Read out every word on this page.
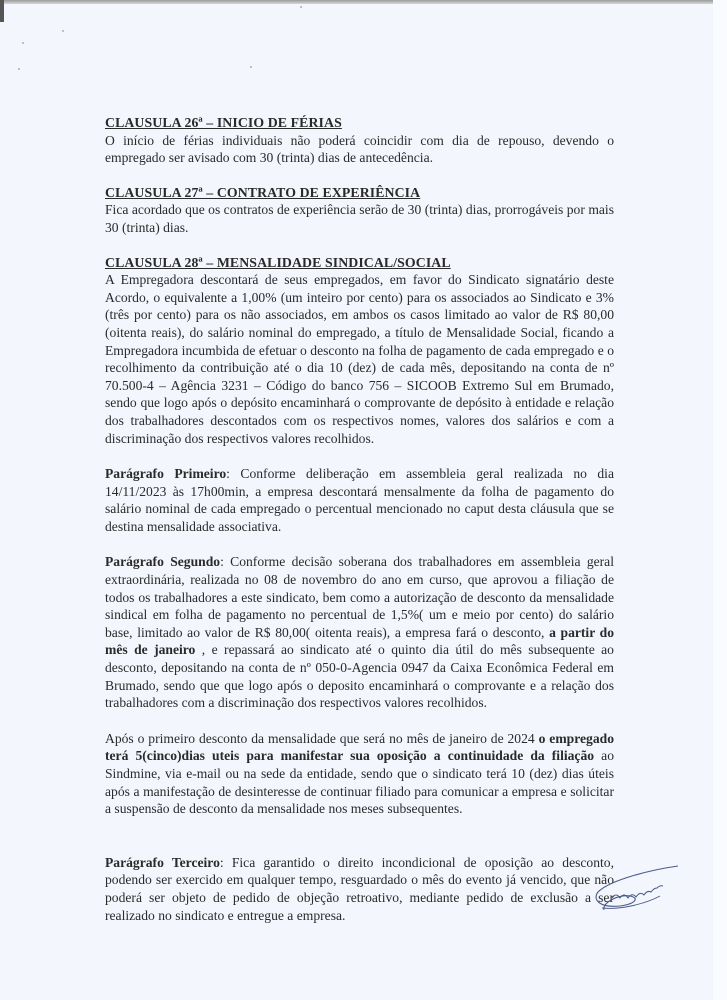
CLAUSULA 26ª – INICIO DE FÉRIAS

O início de férias individuais não poderá coincidir com dia de repouso, devendo o empregado ser avisado com 30 (trinta) dias de antecedência.

CLAUSULA 27ª – CONTRATO DE EXPERIÊNCIA

Fica acordado que os contratos de experiência serão de 30 (trinta) dias, prorrogáveis por mais 30 (trinta) dias.

CLAUSULA 28ª – MENSALIDADE SINDICAL/SOCIAL

A Empregadora descontará de seus empregados, em favor do Sindicato signatário deste Acordo, o equivalente a 1,00% (um inteiro por cento) para os associados ao Sindicato e 3% (três por cento) para os não associados, em ambos os casos limitado ao valor de R$ 80,00 (oitenta reais), do salário nominal do empregado, a título de Mensalidade Social, ficando a Empregadora incumbida de efetuar o desconto na folha de pagamento de cada empregado e o recolhimento da contribuição até o dia 10 (dez) de cada mês, depositando na conta de nº 70.500-4 – Agência 3231 – Código do banco 756 – SICOOB Extremo Sul em Brumado, sendo que logo após o depósito encaminhará o comprovante de depósito à entidade e relação dos trabalhadores descontados com os respectivos nomes, valores dos salários e com a discriminação dos respectivos valores recolhidos.

Parágrafo Primeiro: Conforme deliberação em assembleia geral realizada no dia 14/11/2023 às 17h00min, a empresa descontará mensalmente da folha de pagamento do salário nominal de cada empregado o percentual mencionado no caput desta cláusula que se destina mensalidade associativa.

Parágrafo Segundo: Conforme decisão soberana dos trabalhadores em assembleia geral extraordinária, realizada no 08 de novembro do ano em curso, que aprovou a filiação de todos os trabalhadores a este sindicato, bem como a autorização de desconto da mensalidade sindical em folha de pagamento no percentual de 1,5%( um e meio por cento) do salário base, limitado ao valor de R$ 80,00( oitenta reais), a empresa fará o desconto, a partir do mês de janeiro , e repassará ao sindicato até o quinto dia útil do mês subsequente ao desconto, depositando na conta de nº 050-0-Agencia 0947 da Caixa Econômica Federal em Brumado, sendo que que logo após o deposito encaminhará o comprovante e a relação dos trabalhadores com a discriminação dos respectivos valores recolhidos.

Após o primeiro desconto da mensalidade que será no mês de janeiro de 2024 o empregado terá 5(cinco)dias uteis para manifestar sua oposição a continuidade da filiação ao Sindmine, via e-mail ou na sede da entidade, sendo que o sindicato terá 10 (dez) dias úteis após a manifestação de desinteresse de continuar filiado para comunicar a empresa e solicitar a suspensão de desconto da mensalidade nos meses subsequentes.

Parágrafo Terceiro: Fica garantido o direito incondicional de oposição ao desconto, podendo ser exercido em qualquer tempo, resguardado o mês do evento já vencido, que não poderá ser objeto de pedido de objeção retroativo, mediante pedido de exclusão a ser realizado no sindicato e entregue a empresa.
